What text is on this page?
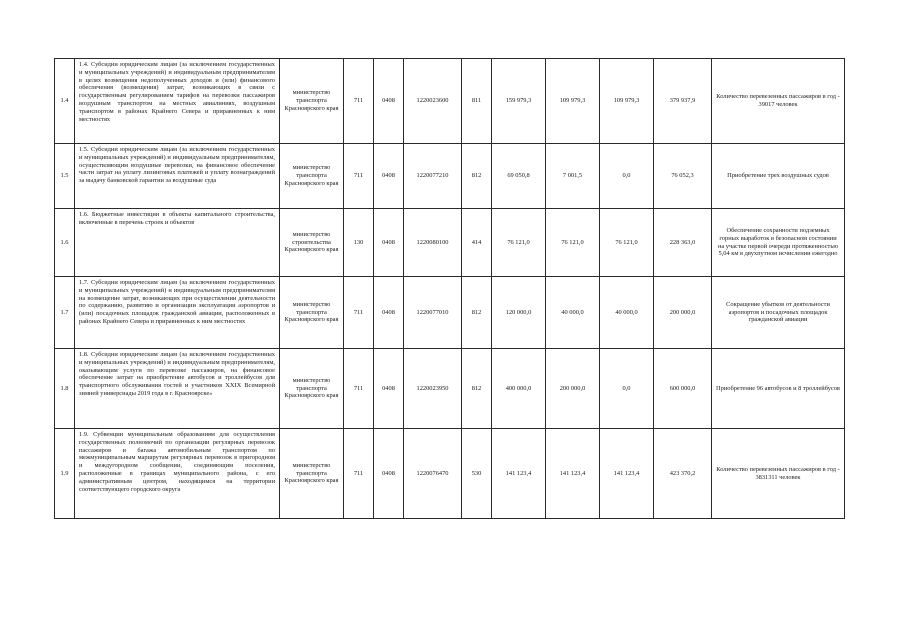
1.4	1.4. Субсидии юридическим лицам (за исключением государственных и муниципальных учреждений) и индивидуальным предпринимателям в целях возмещения недополученных доходов и (или) финансового обеспечения (возмещения) затрат, возникающих в связи с государственным регулированием тарифов на перевозки пассажиров воздушным транспортом на местных авиалиниях, воздушным транспортом в районах Крайнего Севера и приравненных к ним местностях	министерство транспорта Красноярского края	711	0408	1220023600	811	159 979,3	109 979,3	109 979,3	379 937,9	Количество перевезенных пассажиров в год - 39017 человек
1.5	1.5. Субсидии юридическим лицам (за исключением государственных и муниципальных учреждений) и индивидуальным предпринимателям, осуществляющим воздушные перевозки, на финансовое обеспечение части затрат на уплату лизинговых платежей и уплату вознаграждений за выдачу банковской гарантии за воздушные суда	министерство транспорта Красноярского края	711	0408	1220077210	812	69 050,8	7 001,5	0,0	76 052,3	Приобретение трех воздушных судов
1.6	1.6. Бюджетные инвестиции в объекты капитального строительства, включенные в перечень строек и объектов	министерство строительства Красноярского края	130	0408	1220080100	414	76 121,0	76 121,0	76 121,0	228 363,0	Обеспечение сохранности подземных горных выработок в безопасном состоянии на участке первой очереди протяженностью 5,04 км в двухпутном исчислении ежегодно
1.7	1.7. Субсидии юридическим лицам (за исключением государственных и муниципальных учреждений) и индивидуальным предпринимателям на возмещение затрат, возникающих при осуществлении деятельности по содержанию, развитию и организации эксплуатации аэропортов и (или) посадочных площадок гражданской авиации, расположенных в районах Крайнего Севера и приравненных к ним местностях	министерство транспорта Красноярского края	711	0408	1220077010	812	120 000,0	40 000,0	40 000,0	200 000,0	Сокращение убытков от деятельности аэропортов и посадочных площадок гражданской авиации
1.8	1.8. Субсидии юридическим лицам (за исключением государственных и муниципальных учреждений) и индивидуальным предпринимателям, оказывающим услуги по перевозке пассажиров, на финансовое обеспечение затрат на приобретение автобусов и троллейбусов для транспортного обслуживания гостей и участников XXIX Всемирной зимней универсиады 2019 года в г. Красноярске»	министерство транспорта Красноярского края	711	0408	1220023950	812	400 000,0	200 000,0	0,0	600 000,0	Приобретение 96 автобусов и 8 троллейбусов
1.9	1.9. Субвенции муниципальным образованиям для осуществления государственных полномочий по организации регулярных перевозок пассажиров и багажа автомобильным транспортом по межмуниципальным маршрутам регулярных перевозок в пригородном и междугородном сообщении, соединяющим поселения, расположенные в границах муниципального района, с его административным центром, находящимся на территории соответствующего городского округа	министерство транспорта Красноярского края	711	0408	1220076470	530	141 123,4	141 123,4	141 123,4	423 370,2	Количество перевезенных пассажиров в год - 3831311 человек
